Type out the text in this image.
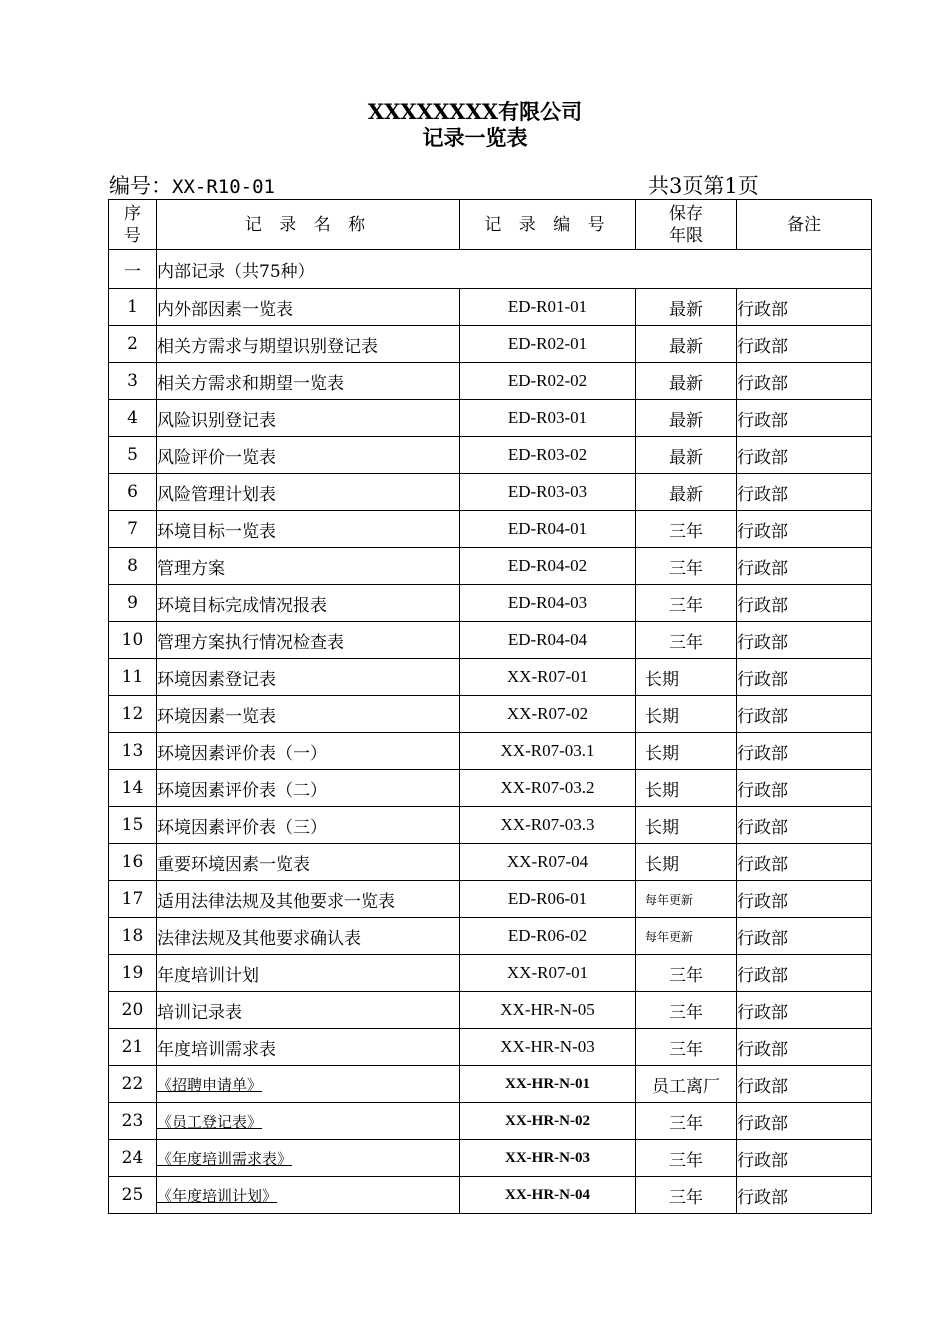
XXXXXXXX有限公司
记录一览表
编号：XX-R10-01	共3页第1页
序号	记 录 名 称	记 录 编 号	保存年限	备注
一	内部记录（共75种）			
1	内外部因素一览表	ED-R01-01	最新	行政部
2	相关方需求与期望识别登记表	ED-R02-01	最新	行政部
3	相关方需求和期望一览表	ED-R02-02	最新	行政部
4	风险识别登记表	ED-R03-01	最新	行政部
5	风险评价一览表	ED-R03-02	最新	行政部
6	风险管理计划表	ED-R03-03	最新	行政部
7	环境目标一览表	ED-R04-01	三年	行政部
8	管理方案	ED-R04-02	三年	行政部
9	环境目标完成情况报表	ED-R04-03	三年	行政部
10	管理方案执行情况检查表	ED-R04-04	三年	行政部
11	环境因素登记表	XX-R07-01	长期	行政部
12	环境因素一览表	XX-R07-02	长期	行政部
13	环境因素评价表（一）	XX-R07-03.1	长期	行政部
14	环境因素评价表（二）	XX-R07-03.2	长期	行政部
15	环境因素评价表（三）	XX-R07-03.3	长期	行政部
16	重要环境因素一览表	XX-R07-04	长期	行政部
17	适用法律法规及其他要求一览表	ED-R06-01	每年更新	行政部
18	法律法规及其他要求确认表	ED-R06-02	每年更新	行政部
19	年度培训计划	XX-R07-01	三年	行政部
20	培训记录表	XX-HR-N-05	三年	行政部
21	年度培训需求表	XX-HR-N-03	三年	行政部
22	《招聘申请单》	XX-HR-N-01	员工离厂	行政部
23	《员工登记表》	XX-HR-N-02	三年	行政部
24	《年度培训需求表》	XX-HR-N-03	三年	行政部
25	《年度培训计划》	XX-HR-N-04	三年	行政部
